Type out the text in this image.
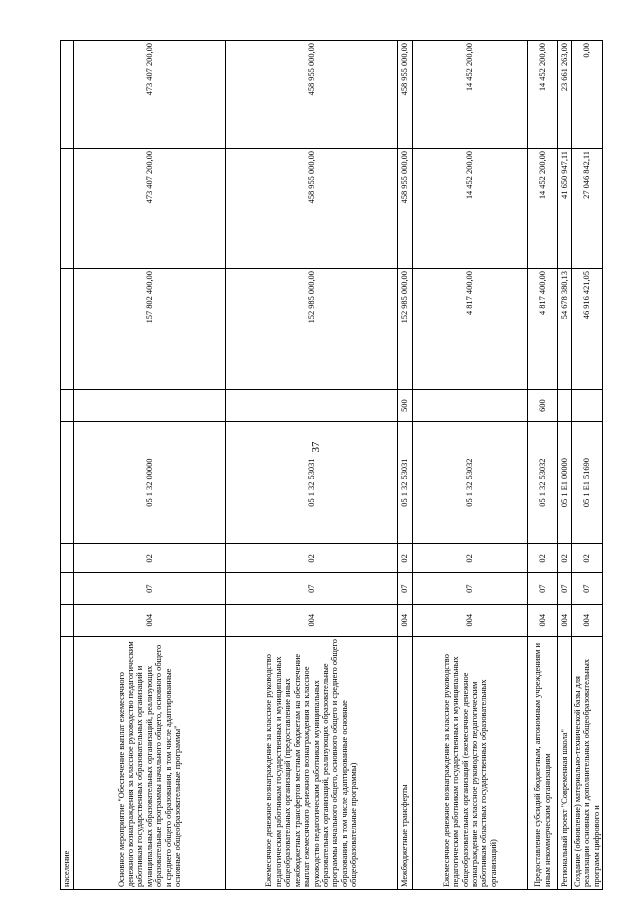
37
население								
Основное мероприятие "Обеспечение выплат ежемесячного денежного вознаграждения за классное руководство педагогическим работникам государственных образовательных организаций и муниципальных образовательных организаций, реализующих образовательные программы начального общего, основного общего и среднего общего образования, в том числе адаптированные основные общеобразовательные программы"	004	07	02	05 1 32 00000		157 802 400,00	473 407 200,00	473 407 200,00
Ежемесячное денежное вознаграждение за классное руководство педагогическим работникам государственных и муниципальных общеобразовательных организаций (предоставление иных межбюджетных трансфертов местным бюджетам на обеспечение выплат ежемесячного денежного вознаграждения за классное руководство педагогическим работникам муниципальных образовательных организаций, реализующих образовательные программы начального общего, основного общего и среднего общего образования, в том числе адаптированные основные общеобразовательные программы)	004	07	02	05 1 32 53031		152 985 000,00	458 955 000,00	458 955 000,00
Межбюджетные трансферты	004	07	02	05 1 32 53031	500	152 985 000,00	458 955 000,00	458 955 000,00
Ежемесячное денежное вознаграждение за классное руководство педагогическим работникам государственных и муниципальных общеобразовательных организаций (ежемесячное денежное вознаграждение за классное руководство педагогическим работникам областных государственных образовательных организаций)	004	07	02	05 1 32 53032		4 817 400,00	14 452 200,00	14 452 200,00
Предоставление субсидий бюджетным, автономным учреждениям и иным некоммерческим организациям	004	07	02	05 1 32 53032	600	4 817 400,00	14 452 200,00	14 452 200,00
Региональный проект "Современная школа"	004	07	02	05 1 E1 00000		54 678 380,13	41 650 947,11	23 661 263,00
Создание (обновление) материально-технической базы для реализации основных и дополнительных общеобразовательных программ цифрового и	004	07	02	05 1 E1 51690		46 916 421,05	27 046 842,11	0,00
